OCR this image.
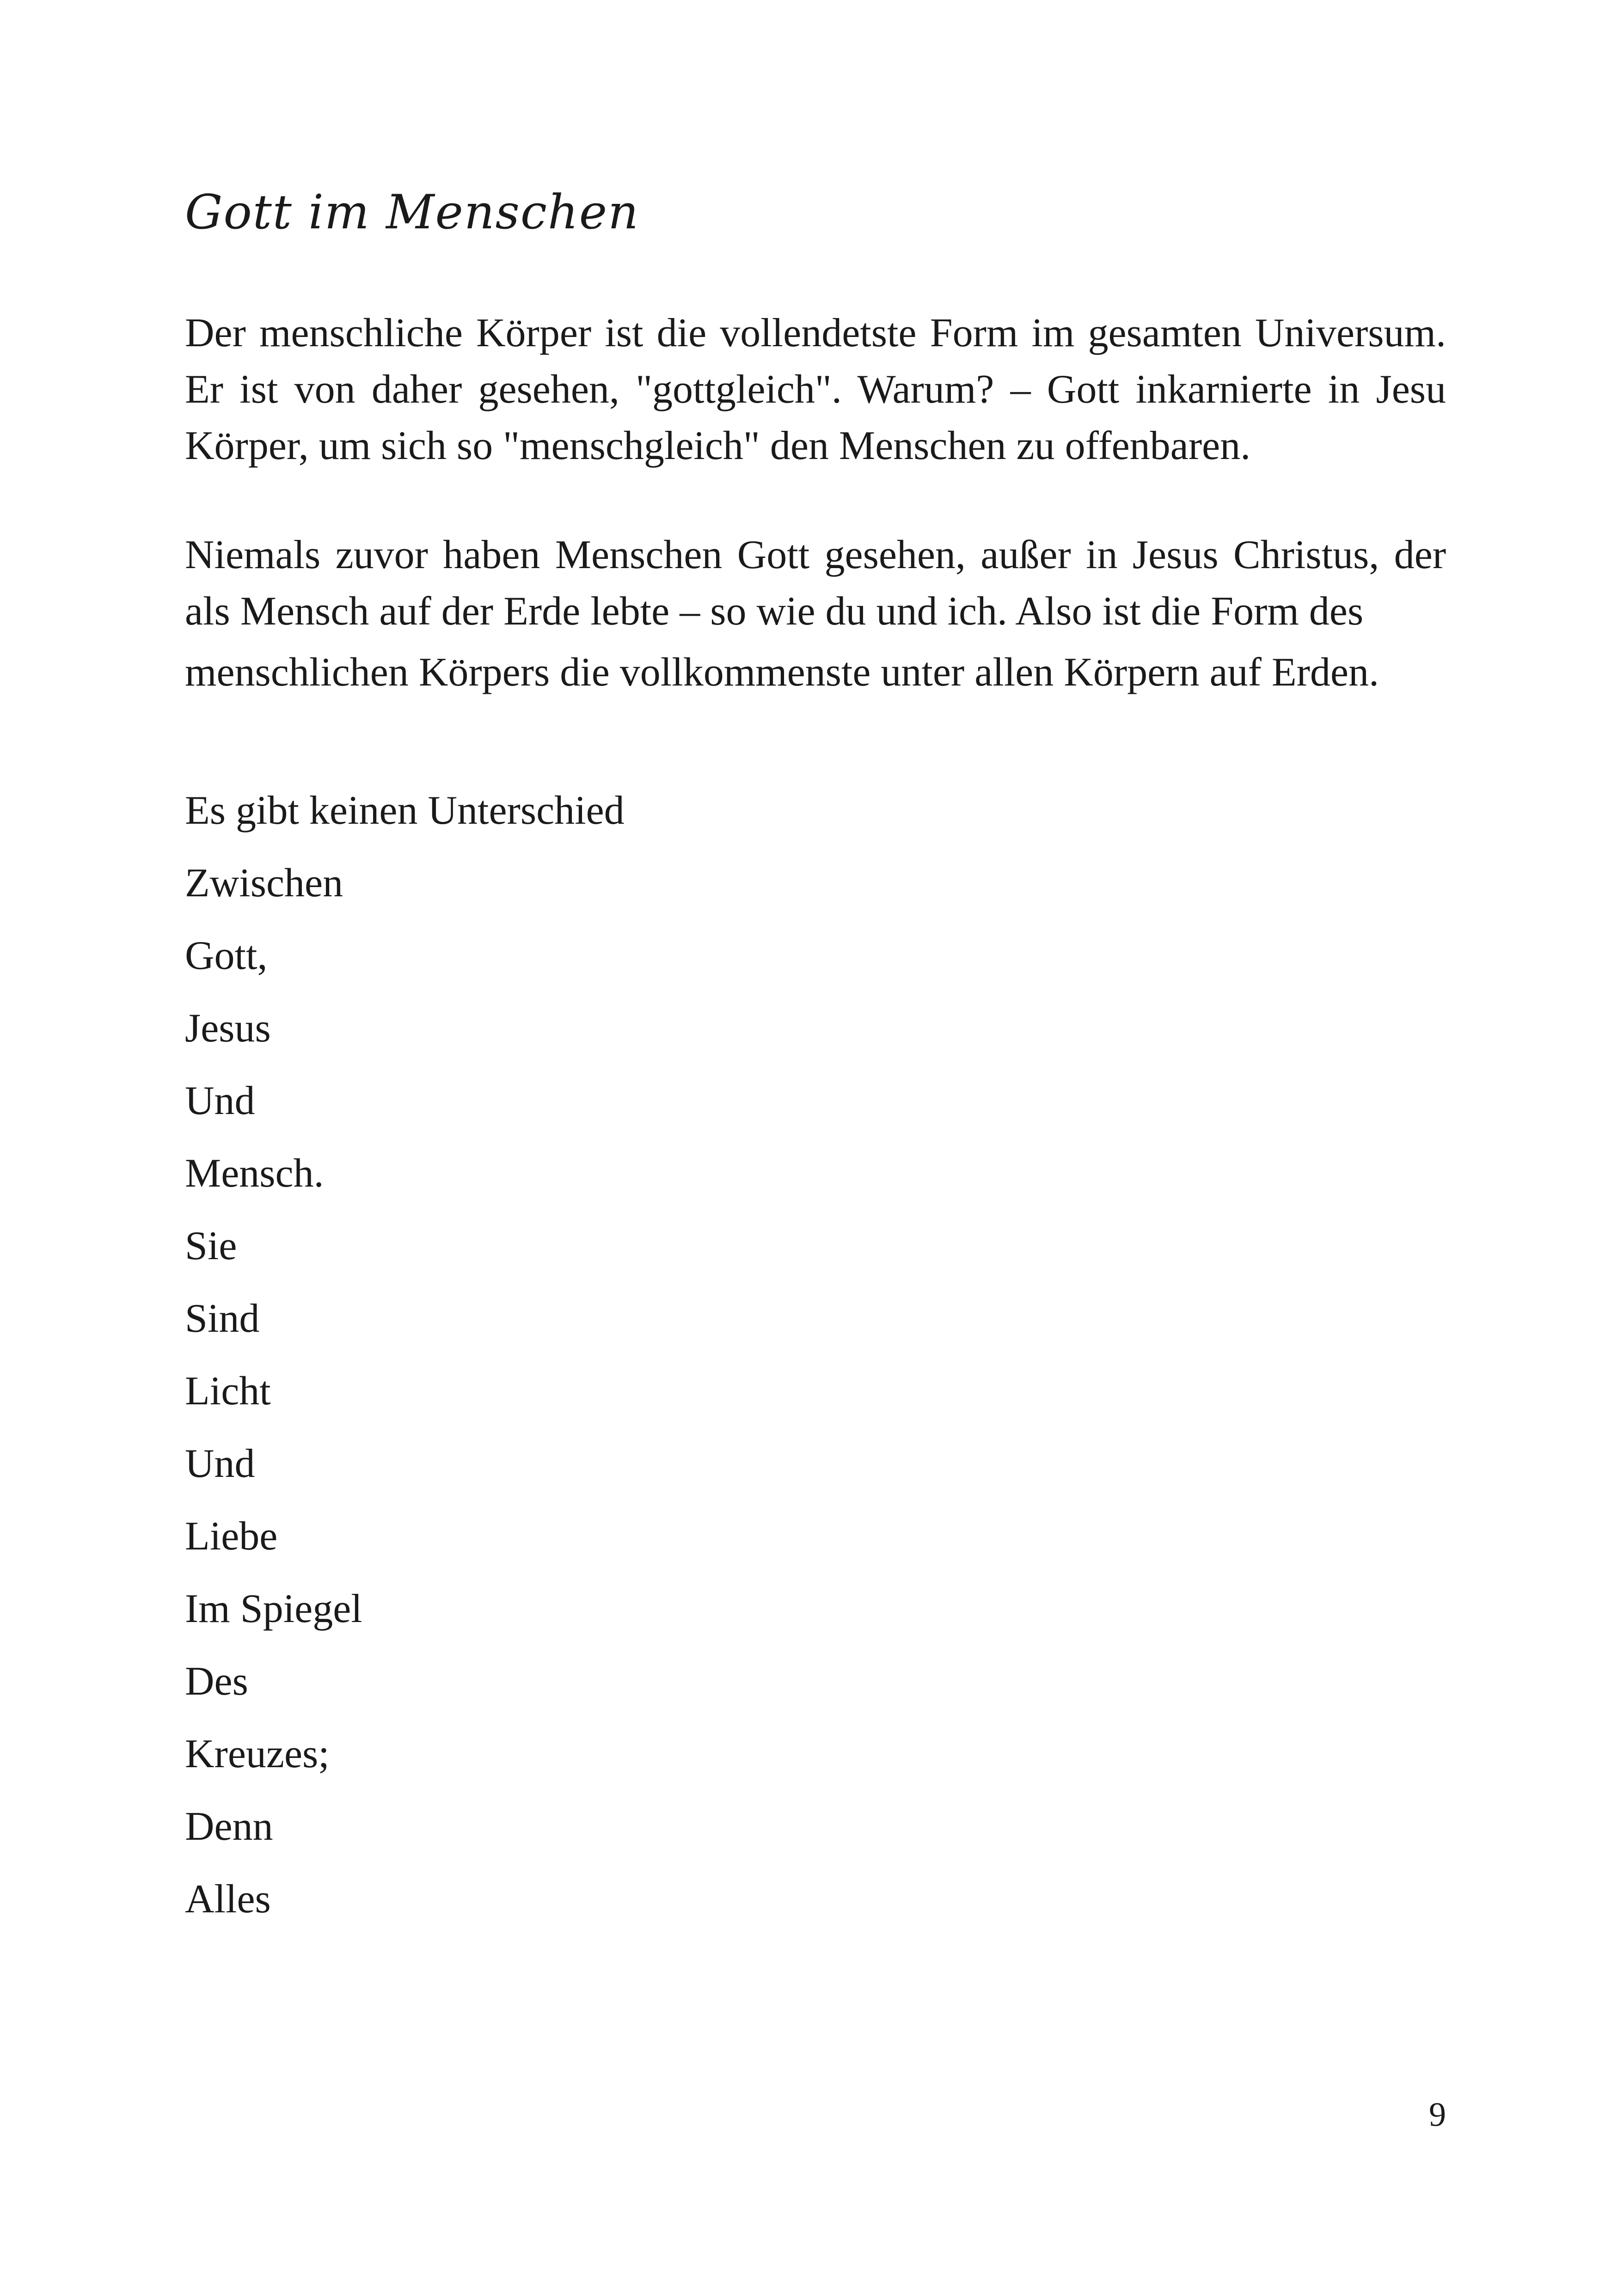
Gott im Menschen

Der menschliche Körper ist die vollendetste Form im gesamten Universum. Er ist von daher gesehen, "gottgleich". Warum? – Gott inkarnierte in Jesu Körper, um sich so "menschgleich" den Menschen zu offenbaren.

Niemals zuvor haben Menschen Gott gesehen, außer in Jesus Christus, der als Mensch auf der Erde lebte – so wie du und ich. Also ist die Form des
menschlichen Körpers die vollkommenste unter allen Körpern auf Erden.

Es gibt keinen Unterschied
Zwischen
Gott,
Jesus
Und
Mensch.
Sie
Sind
Licht
Und
Liebe
Im Spiegel
Des
Kreuzes;
Denn
Alles
9
